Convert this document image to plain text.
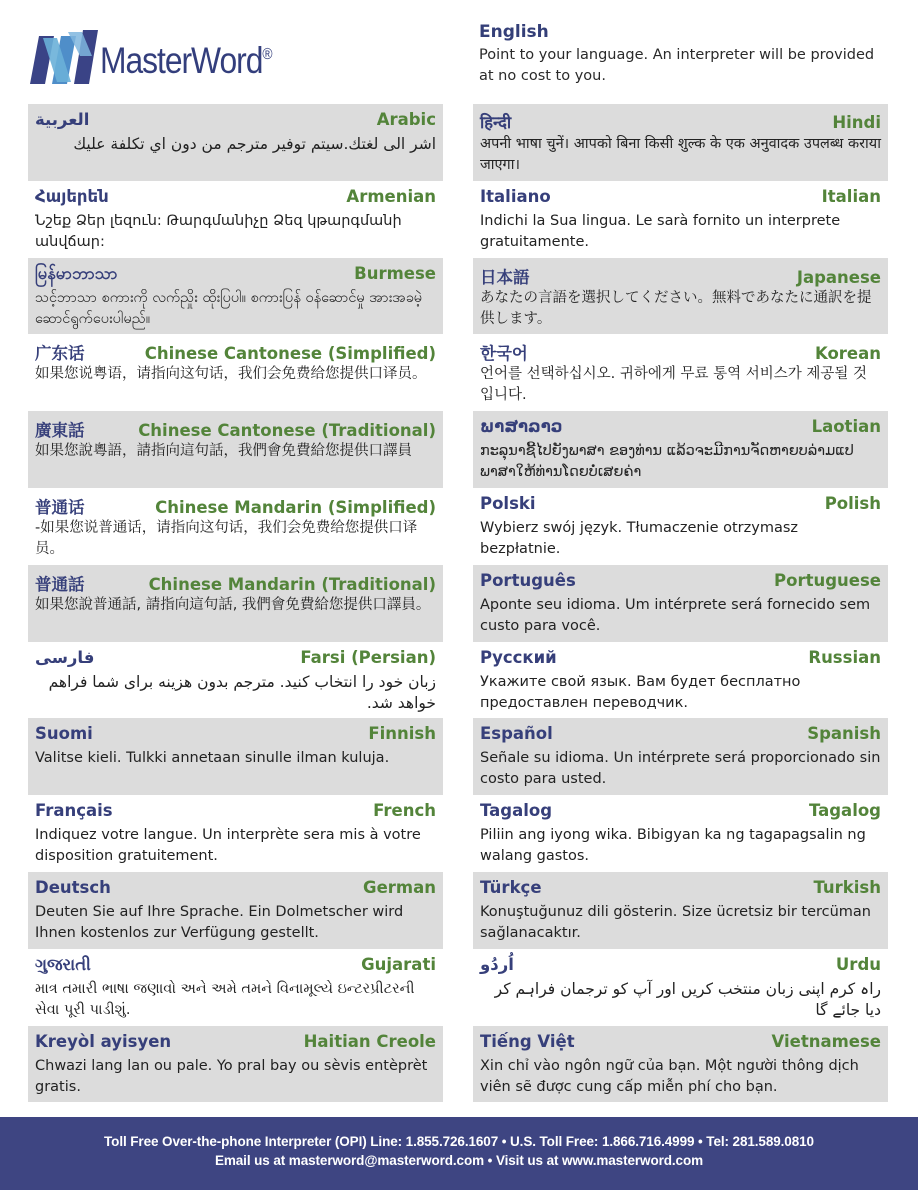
MasterWord®
English
Point to your language. An interpreter will be provided at no cost to you.
العربية	Arabic
اشر الى لغتك.سيتم توفير مترجم من دون اي تكلفة عليك
Հայերեն	Armenian
Նշեք Ձեր լեզուն: Թարգմանիչը Ձեզ կթարգմանի անվճար:
မြန်မာဘာသာ	Burmese
သင့်ဘာသာ စကားကို လက်ညှိုး ထိုးပြပါ။ စကားပြန် ဝန်ဆောင်မှု အားအခမဲ့ ဆောင်ရွက်ပေးပါမည်။
广东话	Chinese Cantonese (Simplified)
如果您说粤语，请指向这句话，我们会免费给您提供口译员。
廣東話	Chinese Cantonese (Traditional)
如果您說粵語，請指向這句話，我們會免費給您提供口譯員
普通话	Chinese Mandarin (Simplified)
-如果您说普通话，请指向这句话，我们会免费给您提供口译员。
普通話	Chinese Mandarin (Traditional)
如果您說普通話, 請指向這句話, 我們會免費給您提供口譯員。
فارسی	Farsi (Persian)
زبان خود را انتخاب کنید. مترجم بدون هزینه برای شما فراهم خواهد شد.
Suomi	Finnish
Valitse kieli. Tulkki annetaan sinulle ilman kuluja.
Français	French
Indiquez votre langue. Un interprète sera mis à votre disposition gratuitement.
Deutsch	German
Deuten Sie auf Ihre Sprache. Ein Dolmetscher wird Ihnen kostenlos zur Verfügung gestellt.
ગુજરાતી	Gujarati
માત્ર તમારી ભાષા જણાવો અને અમે તમને વિનામૂલ્યે ઇન્ટરપ્રીટરની સેવા પૂરી પાડીશું.
Kreyòl ayisyen	Haitian Creole
Chwazi lang lan ou pale. Yo pral bay ou sèvis entèprèt gratis.
हिन्दी	Hindi
अपनी भाषा चुनें। आपको बिना किसी शुल्क के एक अनुवादक उपलब्ध कराया जाएगा।
Italiano	Italian
Indichi la Sua lingua. Le sarà fornito un interprete gratuitamente.
日本語	Japanese
あなたの言語を選択してください。無料であなたに通訳を提供します。
한국어	Korean
언어를 선택하십시오. 귀하에게 무료 통역 서비스가 제공될 것입니다.
ພາສາລາວ	Laotian
ກະລຸນາຊີ້ໄປຍັງພາສາ ຂອງທ່ານ ແລ້ວຈະມີການຈັດຫາຍບລ່າມແປພາສາໃຫ້ທ່ານໂດຍບໍ່ເສຍຄ່າ
Polski	Polish
Wybierz swój język. Tłumaczenie otrzymasz bezpłatnie.
Português	Portuguese
Aponte seu idioma. Um intérprete será fornecido sem custo para você.
Русский	Russian
Укажите свой язык. Вам будет бесплатно предоставлен переводчик.
Español	Spanish
Señale su idioma. Un intérprete será proporcionado sin costo para usted.
Tagalog	Tagalog
Piliin ang iyong wika. Bibigyan ka ng tagapagsalin ng walang gastos.
Türkçe	Turkish
Konuştuğunuz dili gösterin. Size ücretsiz bir tercüman sağlanacaktır.
اُردُو	Urdu
راہ کرم اپنی زبان منتخب کریں اور آپ کو ترجمان فراہم کر دیا جائے گا
Tiếng Việt	Vietnamese
Xin chỉ vào ngôn ngữ của bạn. Một người thông dịch viên sẽ được cung cấp miễn phí cho bạn.
Toll Free Over-the-phone Interpreter (OPI) Line: 1.855.726.1607 • U.S. Toll Free: 1.866.716.4999 • Tel: 281.589.0810
Email us at masterword@masterword.com • Visit us at www.masterword.com
